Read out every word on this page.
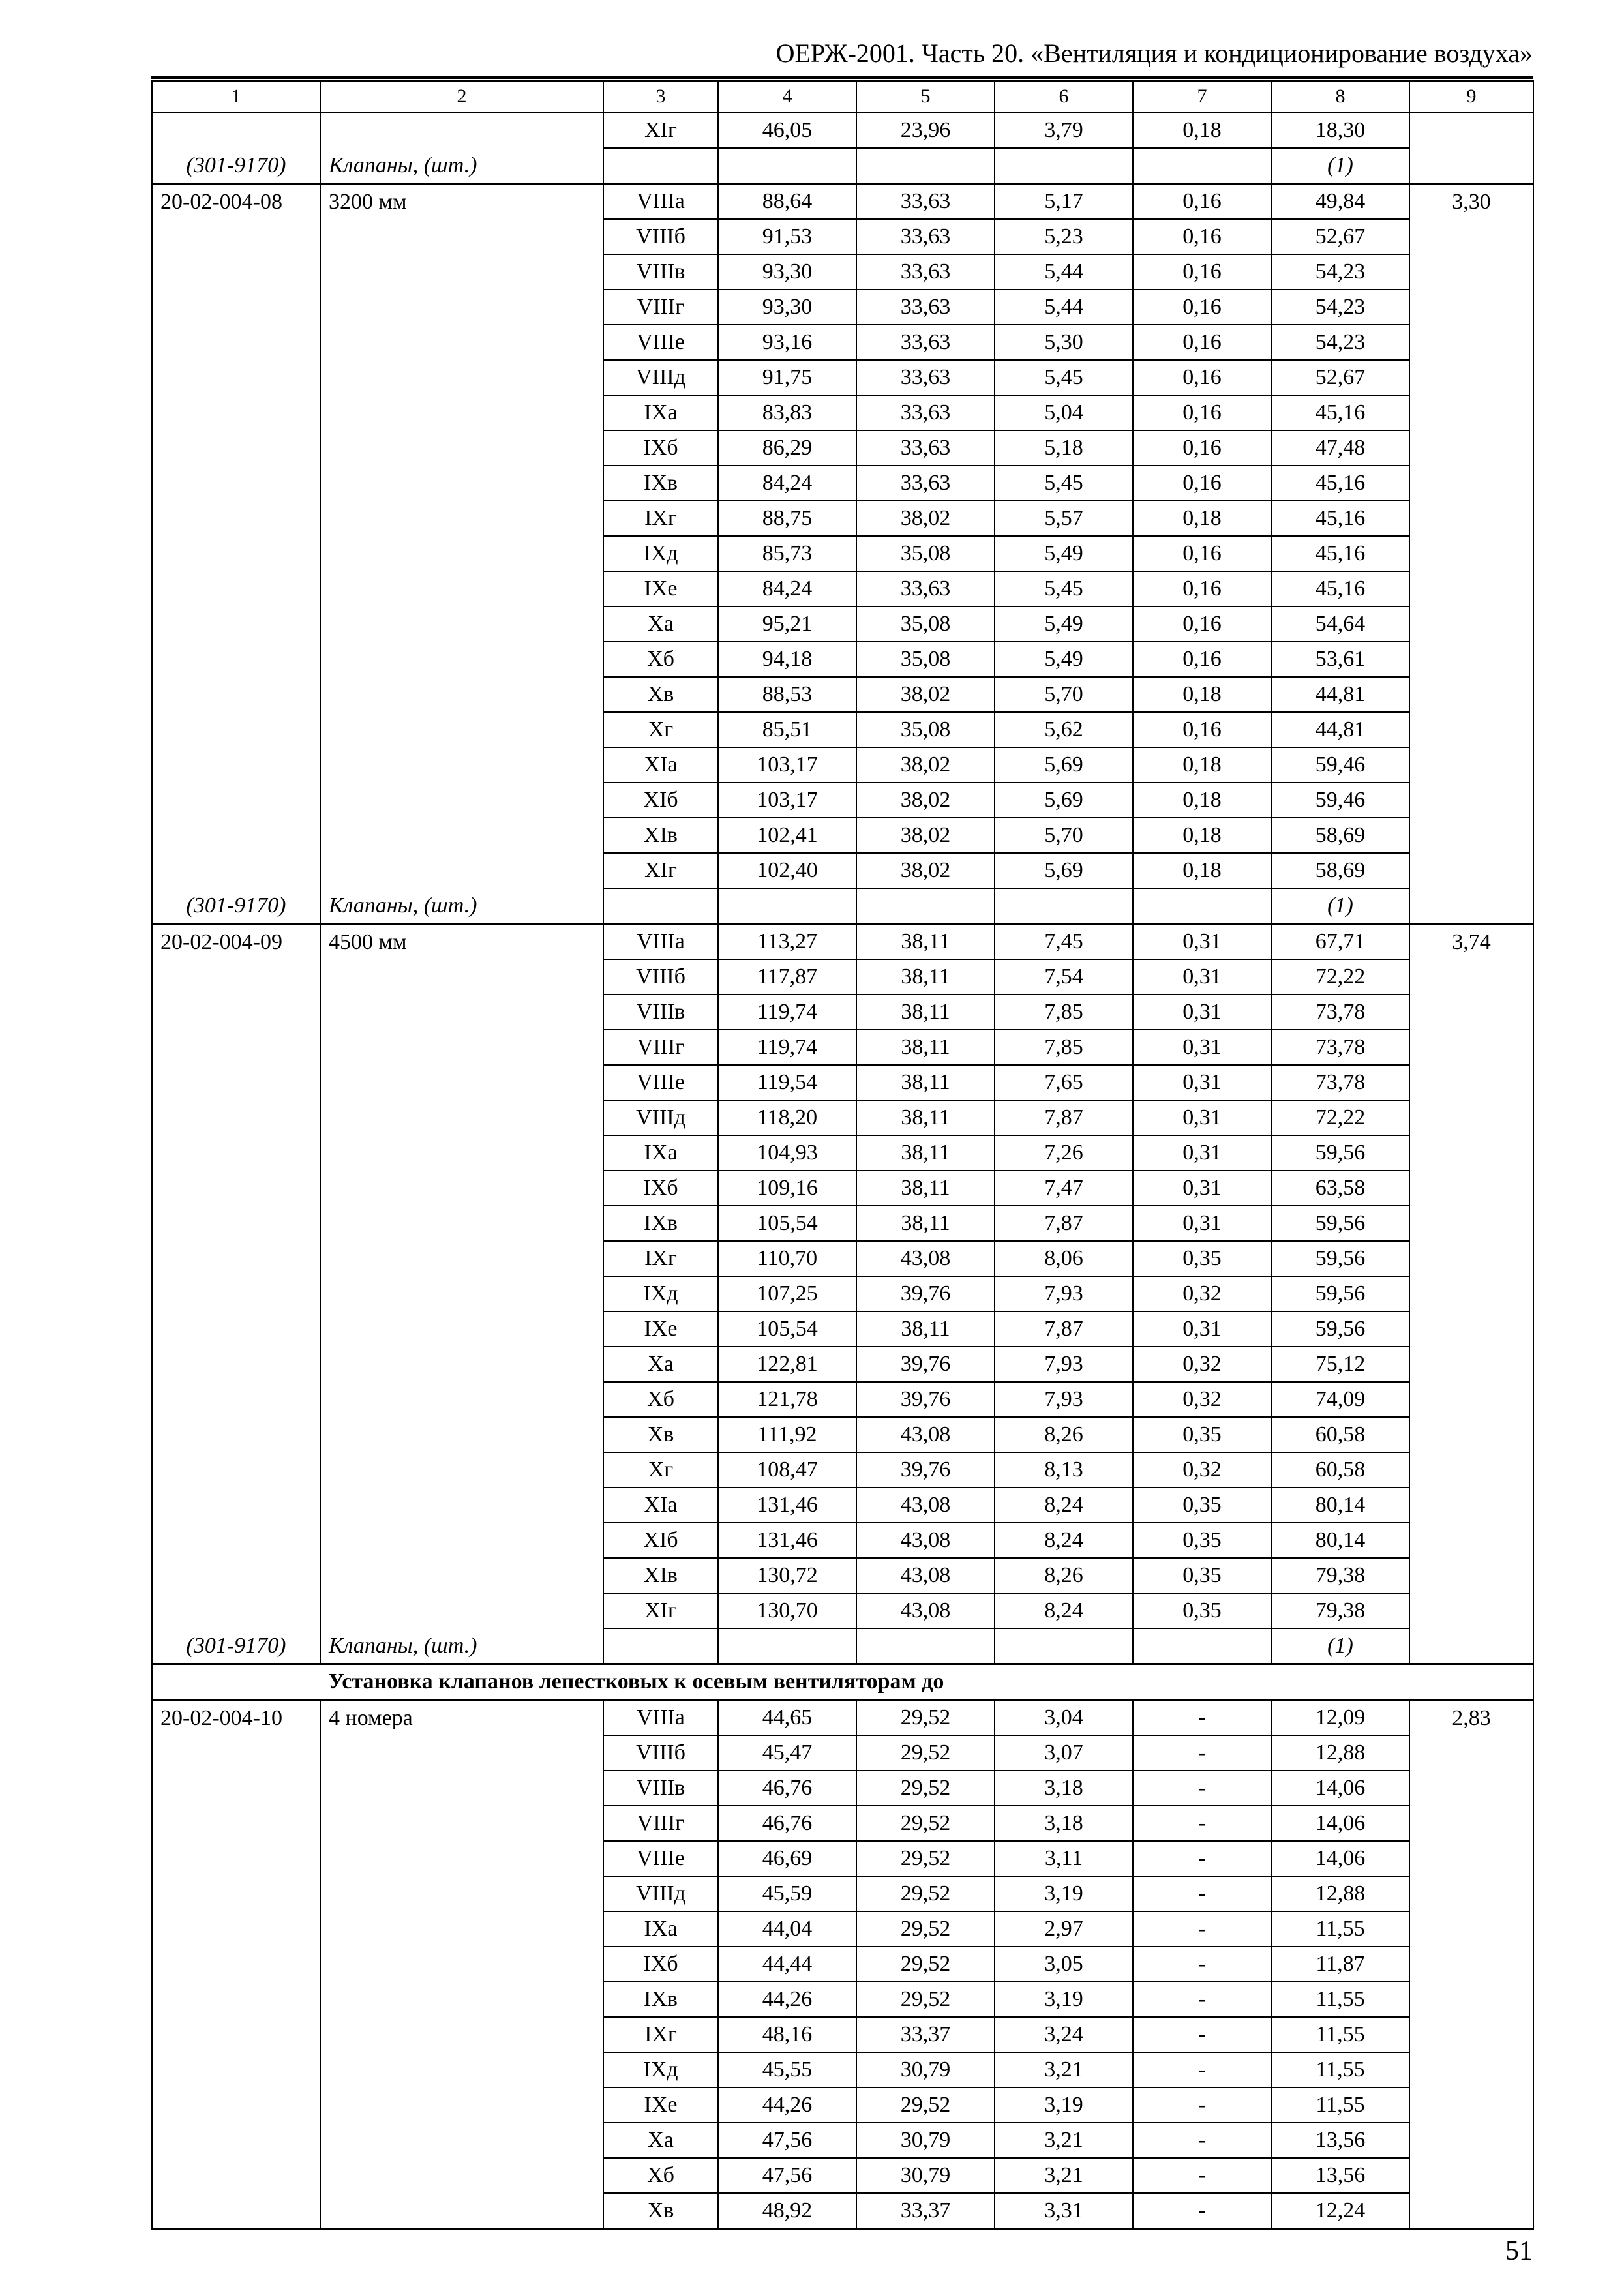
ОЕРЖ-2001. Часть 20. «Вентиляция и кондиционирование воздуха»
1	2	3	4	5	6	7	8	9
		XIг	46,05	23,96	3,79	0,18	18,30	
(301-9170)	Клапаны, (шт.)						(1)	
20-02-004-08	3200 мм	VIIIа	88,64	33,63	5,17	0,16	49,84	3,30
		VIIIб	91,53	33,63	5,23	0,16	52,67	
		VIIIв	93,30	33,63	5,44	0,16	54,23	
		VIIIг	93,30	33,63	5,44	0,16	54,23	
		VIIIе	93,16	33,63	5,30	0,16	54,23	
		VIIIд	91,75	33,63	5,45	0,16	52,67	
		IXа	83,83	33,63	5,04	0,16	45,16	
		IXб	86,29	33,63	5,18	0,16	47,48	
		IXв	84,24	33,63	5,45	0,16	45,16	
		IXг	88,75	38,02	5,57	0,18	45,16	
		IXд	85,73	35,08	5,49	0,16	45,16	
		IXе	84,24	33,63	5,45	0,16	45,16	
		Xа	95,21	35,08	5,49	0,16	54,64	
		Xб	94,18	35,08	5,49	0,16	53,61	
		Xв	88,53	38,02	5,70	0,18	44,81	
		Xг	85,51	35,08	5,62	0,16	44,81	
		XIа	103,17	38,02	5,69	0,18	59,46	
		XIб	103,17	38,02	5,69	0,18	59,46	
		XIв	102,41	38,02	5,70	0,18	58,69	
		XIг	102,40	38,02	5,69	0,18	58,69	
(301-9170)	Клапаны, (шт.)						(1)	
20-02-004-09	4500 мм	VIIIа	113,27	38,11	7,45	0,31	67,71	3,74
		VIIIб	117,87	38,11	7,54	0,31	72,22	
		VIIIв	119,74	38,11	7,85	0,31	73,78	
		VIIIг	119,74	38,11	7,85	0,31	73,78	
		VIIIе	119,54	38,11	7,65	0,31	73,78	
		VIIIд	118,20	38,11	7,87	0,31	72,22	
		IXа	104,93	38,11	7,26	0,31	59,56	
		IXб	109,16	38,11	7,47	0,31	63,58	
		IXв	105,54	38,11	7,87	0,31	59,56	
		IXг	110,70	43,08	8,06	0,35	59,56	
		IXд	107,25	39,76	7,93	0,32	59,56	
		IXе	105,54	38,11	7,87	0,31	59,56	
		Xа	122,81	39,76	7,93	0,32	75,12	
		Xб	121,78	39,76	7,93	0,32	74,09	
		Xв	111,92	43,08	8,26	0,35	60,58	
		Xг	108,47	39,76	8,13	0,32	60,58	
		XIа	131,46	43,08	8,24	0,35	80,14	
		XIб	131,46	43,08	8,24	0,35	80,14	
		XIв	130,72	43,08	8,26	0,35	79,38	
		XIг	130,70	43,08	8,24	0,35	79,38	
(301-9170)	Клапаны, (шт.)						(1)	
	Установка клапанов лепестковых к осевым вентиляторам до							
20-02-004-10	4 номера	VIIIа	44,65	29,52	3,04	-	12,09	2,83
		VIIIб	45,47	29,52	3,07	-	12,88	
		VIIIв	46,76	29,52	3,18	-	14,06	
		VIIIг	46,76	29,52	3,18	-	14,06	
		VIIIе	46,69	29,52	3,11	-	14,06	
		VIIIд	45,59	29,52	3,19	-	12,88	
		IXа	44,04	29,52	2,97	-	11,55	
		IXб	44,44	29,52	3,05	-	11,87	
		IXв	44,26	29,52	3,19	-	11,55	
		IXг	48,16	33,37	3,24	-	11,55	
		IXд	45,55	30,79	3,21	-	11,55	
		IXе	44,26	29,52	3,19	-	11,55	
		Xа	47,56	30,79	3,21	-	13,56	
		Xб	47,56	30,79	3,21	-	13,56	
		Xв	48,92	33,37	3,31	-	12,24	
51
